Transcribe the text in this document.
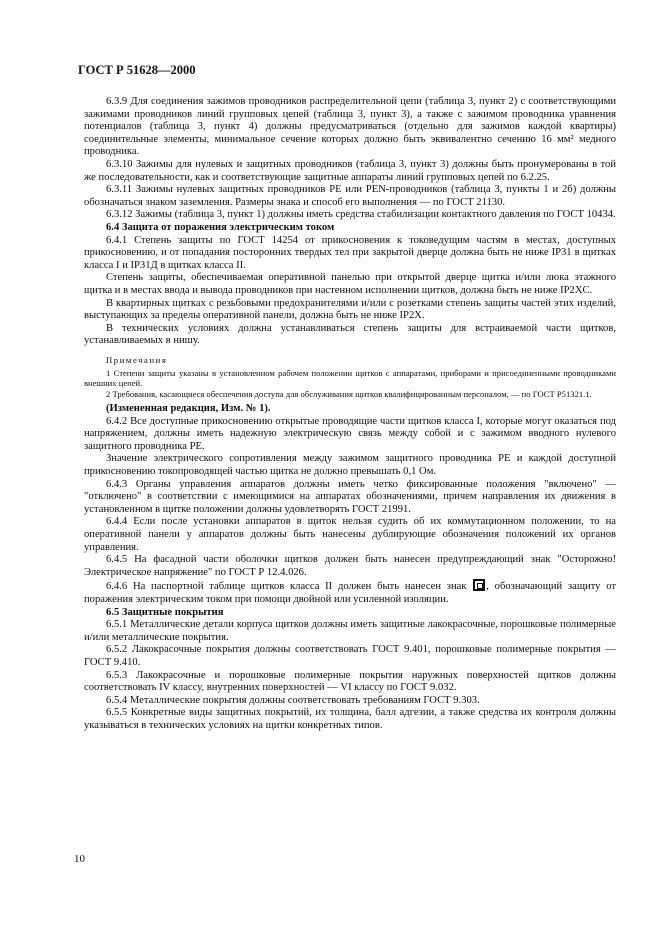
ГОСТ Р 51628—2000

6.3.9 Для соединения зажимов проводников распределительной цепи (таблица 3, пункт 2) с соответствующими зажимами проводников линий групповых цепей (таблица 3, пункт 3), а также с зажимом проводника уравнения потенциалов (таблица 3, пункт 4) должны предусматриваться (отдельно для зажимов каждой квартиры) соединительные элементы, минимальное сечение которых должно быть эквивалентно сечению 16 мм² медного проводника.

6.3.10 Зажимы для нулевых и защитных проводников (таблица 3, пункт 3) должны быть пронумерованы в той же последовательности, как и соответствующие защитные аппараты линий групповых цепей по 6.2.25.

6.3.11 Зажимы нулевых защитных проводников РЕ или РЕN-проводников (таблица 3, пункты 1 и 2б) должны обозначаться знаком заземления. Размеры знака и способ его выполнения — по ГОСТ 21130.

6.3.12 Зажимы (таблица 3, пункт 1) должны иметь средства стабилизации контактного давления по ГОСТ 10434.

6.4 Защита от поражения электрическим током

6.4.1 Степень защиты по ГОСТ 14254 от прикосновения к токоведущим частям в местах, доступных прикосновению, и от попадания посторонних твердых тел при закрытой дверце должна быть не ниже IP31 в щитках класса I и IP31Д в щитках класса II.

Степень защиты, обеспечиваемая оперативной панелью при открытой дверце щитка и/или люка этажного щитка и в местах ввода и вывода проводников при настенном исполнении щитков, должна быть не ниже IP2XC.

В квартирных щитках с резьбовыми предохранителями и/или с розетками степень защиты частей этих изделий, выступающих за пределы оперативной панели, должна быть не ниже IP2X.

В технических условиях должна устанавливаться степень защиты для встраиваемой части щитков, устанавливаемых в нишу.

Примечания

1 Степени защиты указаны в установленном рабочем положении щитков с аппаратами, приборами и присоединенными проводниками внешних цепей.

2 Требования, касающиеся обеспечения доступа для обслуживания щитков квалифицированным персоналом, — по ГОСТ Р51321.1.

(Измененная редакция, Изм. № 1).

6.4.2 Все доступные прикосновению открытые проводящие части щитков класса I, которые могут оказаться под напряжением, должны иметь надежную электрическую связь между собой и с зажимом вводного нулевого защитного проводника РЕ.

Значение электрического сопротивления между зажимом защитного проводника РЕ и каждой доступной прикосновению токопроводящей частью щитка не должно превышать 0,1 Ом.

6.4.3 Органы управления аппаратов должны иметь четко фиксированные положения "включено" — "отключено" в соответствии с имеющимися на аппаратах обозначениями, причем направления их движения в установленном в щитке положении должны удовлетворять ГОСТ 21991.

6.4.4 Если после установки аппаратов в щиток нельзя судить об их коммутационном положении, то на оперативной панели у аппаратов должны быть нанесены дублирующие обозначения положений их органов управления.

6.4.5 На фасадной части оболочки щитков должен быть нанесен предупреждающий знак "Осторожно! Электрическое напряжение" по ГОСТ Р 12.4.026.

6.4.6 На паспортной таблице щитков класса II должен быть нанесен знак , обозначающий защиту от поражения электрическим током при помощи двойной или усиленной изоляции.

6.5 Защитные покрытия

6.5.1 Металлические детали корпуса щитков должны иметь защитные лакокрасочные, порошковые полимерные и/или металлические покрытия.

6.5.2 Лакокрасочные покрытия должны соответствовать ГОСТ 9.401, порошковые полимерные покрытия — ГОСТ 9.410.

6.5.3 Лакокрасочные и порошковые полимерные покрытия наружных поверхностей щитков должны соответствовать IV классу, внутренних поверхностей — VI классу по ГОСТ 9.032.

6.5.4 Металлические покрытия должны соответствовать требованиям ГОСТ 9.303.

6.5.5 Конкретные виды защитных покрытий, их толщина, балл адгезии, а также средства их контроля должны указываться в технических условиях на щитки конкретных типов.

10
